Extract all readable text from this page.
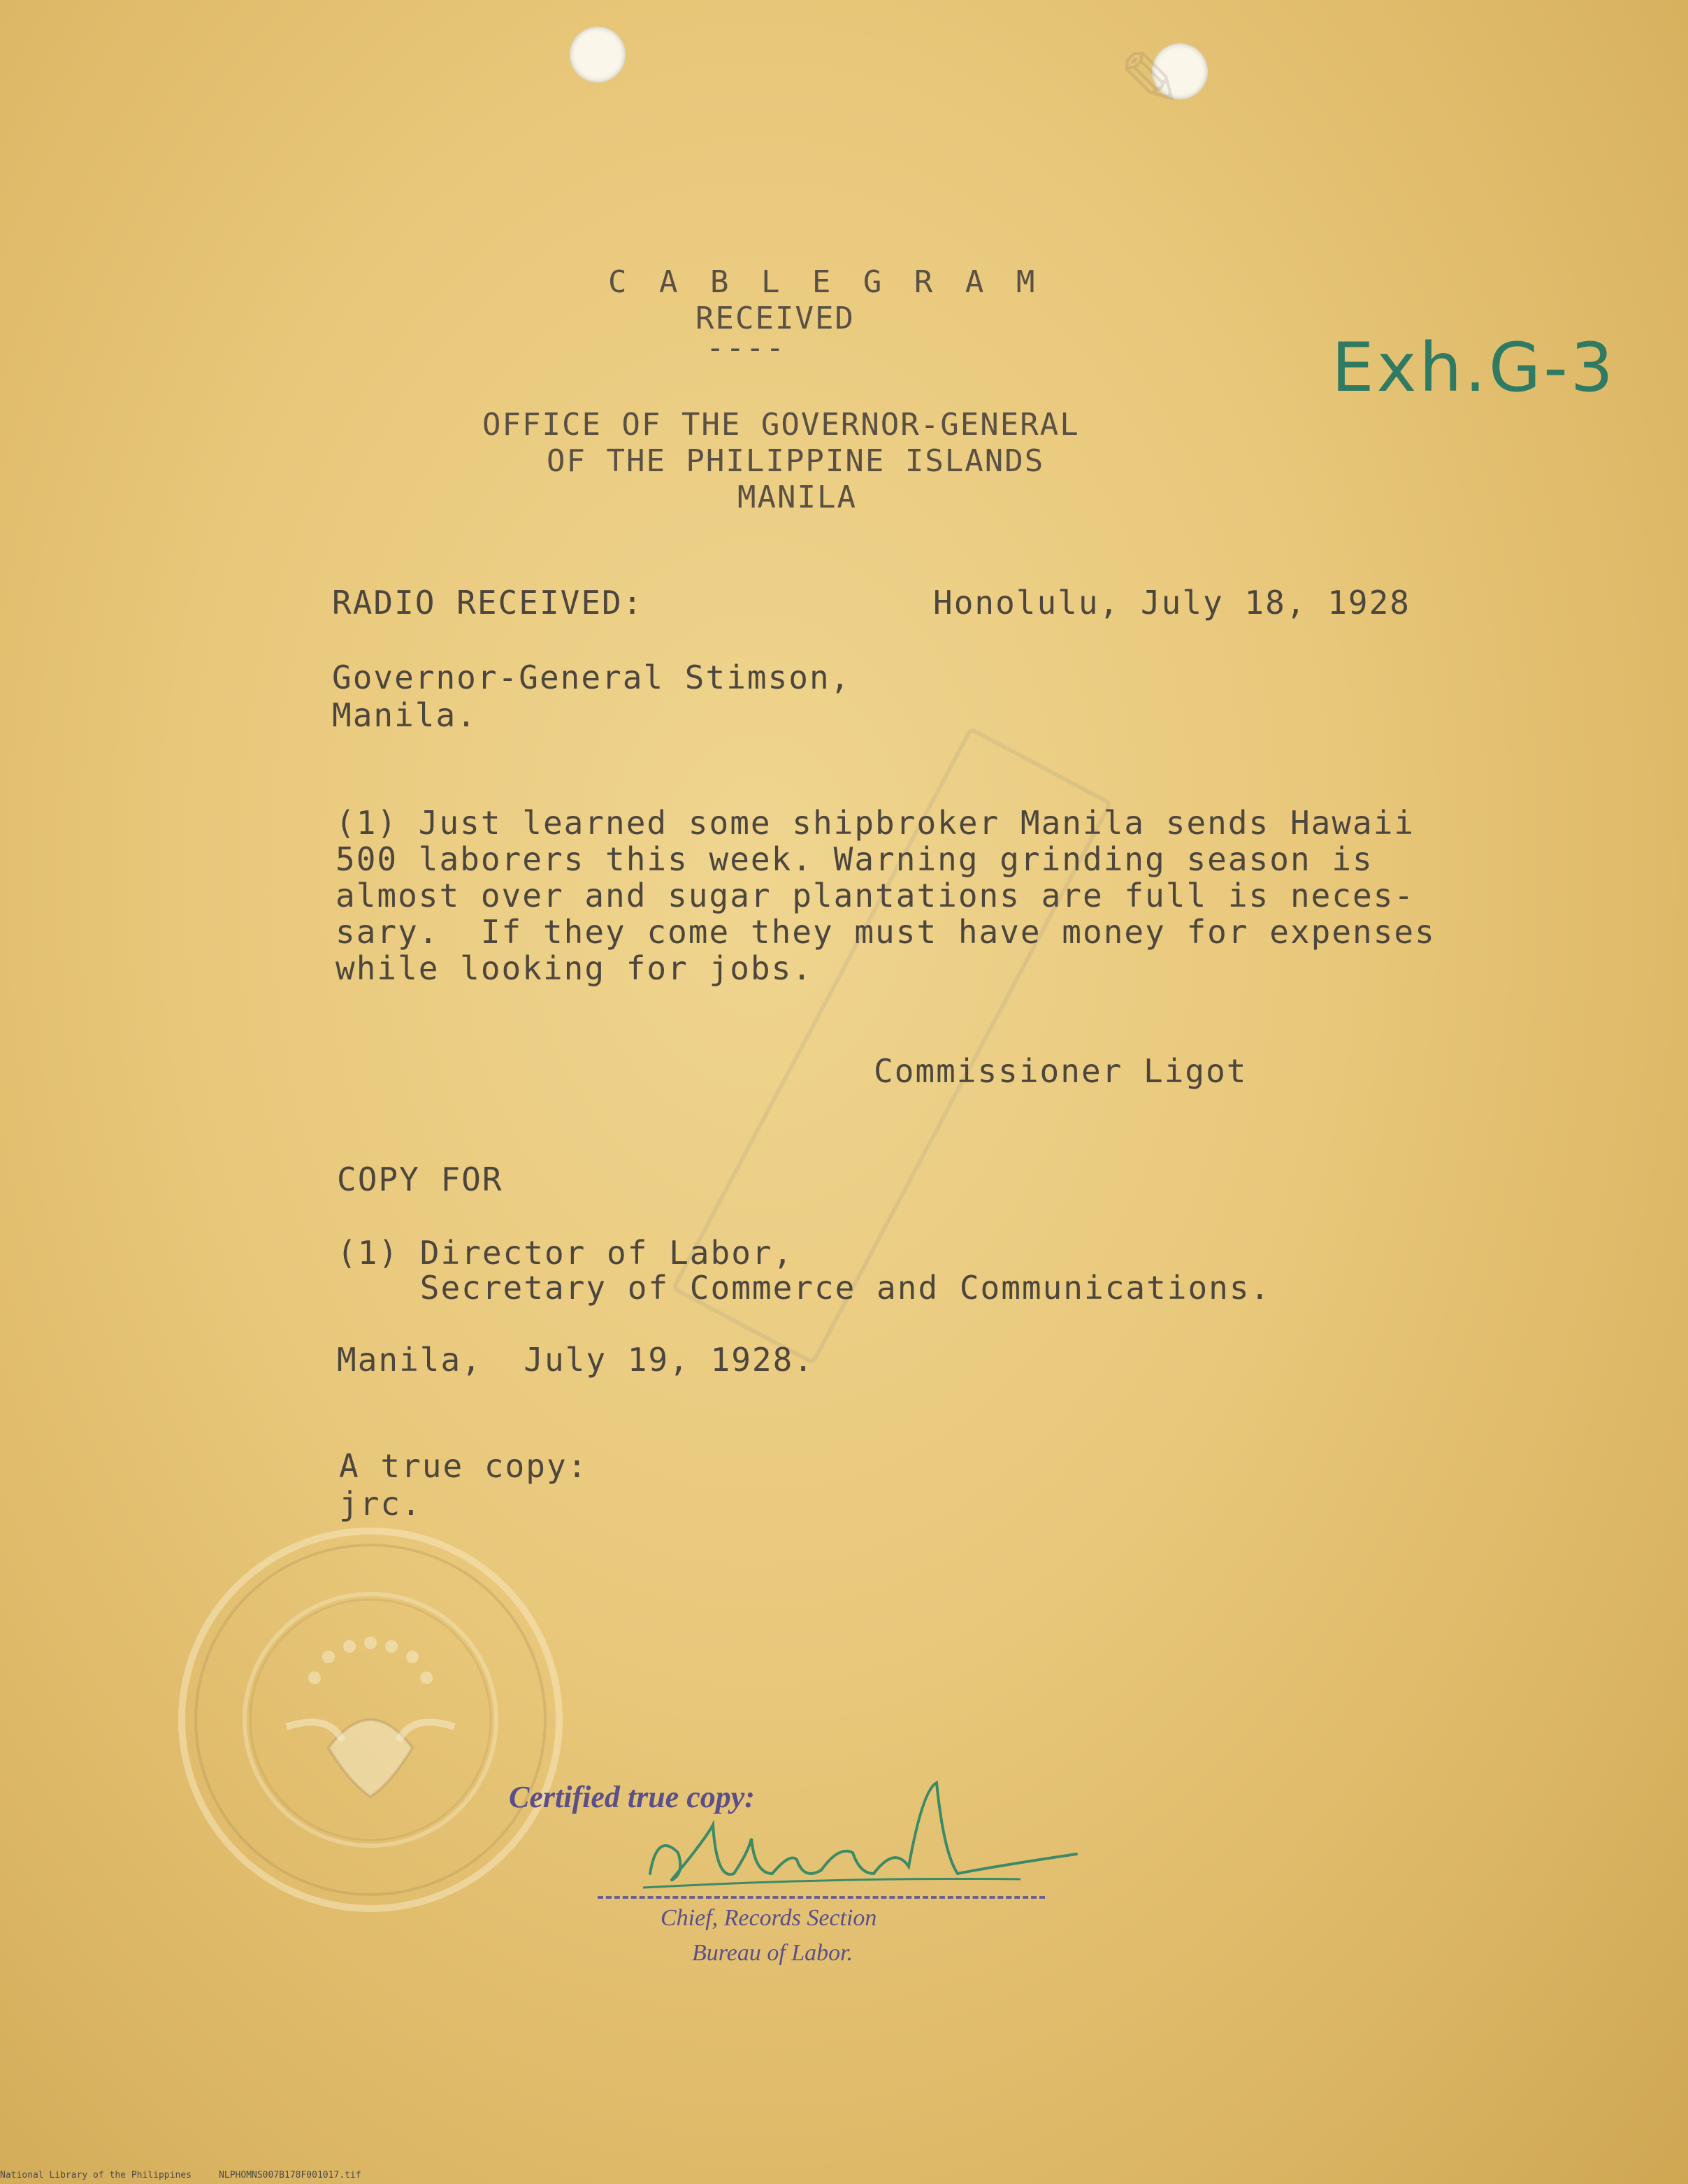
✎
C A B L E G R A M
RECEIVED
----
OFFICE OF THE GOVERNOR-GENERAL
OF THE PHILIPPINE ISLANDS
MANILA
Exh.G-3
RADIO RECEIVED:	Honolulu, July 18, 1928
Governor-General Stimson,
Manila.
(1) Just learned some shipbroker Manila sends Hawaii
500 laborers this week. Warning grinding season is
almost over and sugar plantations are full is neces-
sary.  If they come they must have money for expenses
while looking for jobs.
Commissioner Ligot
COPY FOR
(1) Director of Labor,
Secretary of Commerce and Communications.
Manila,  July 19, 1928.
A true copy:
jrc.
Certified true copy:
Chief, Records Section
Bureau of Labor.
National Library of the Philippines     NLPHOMNS007B178F001017.tif
